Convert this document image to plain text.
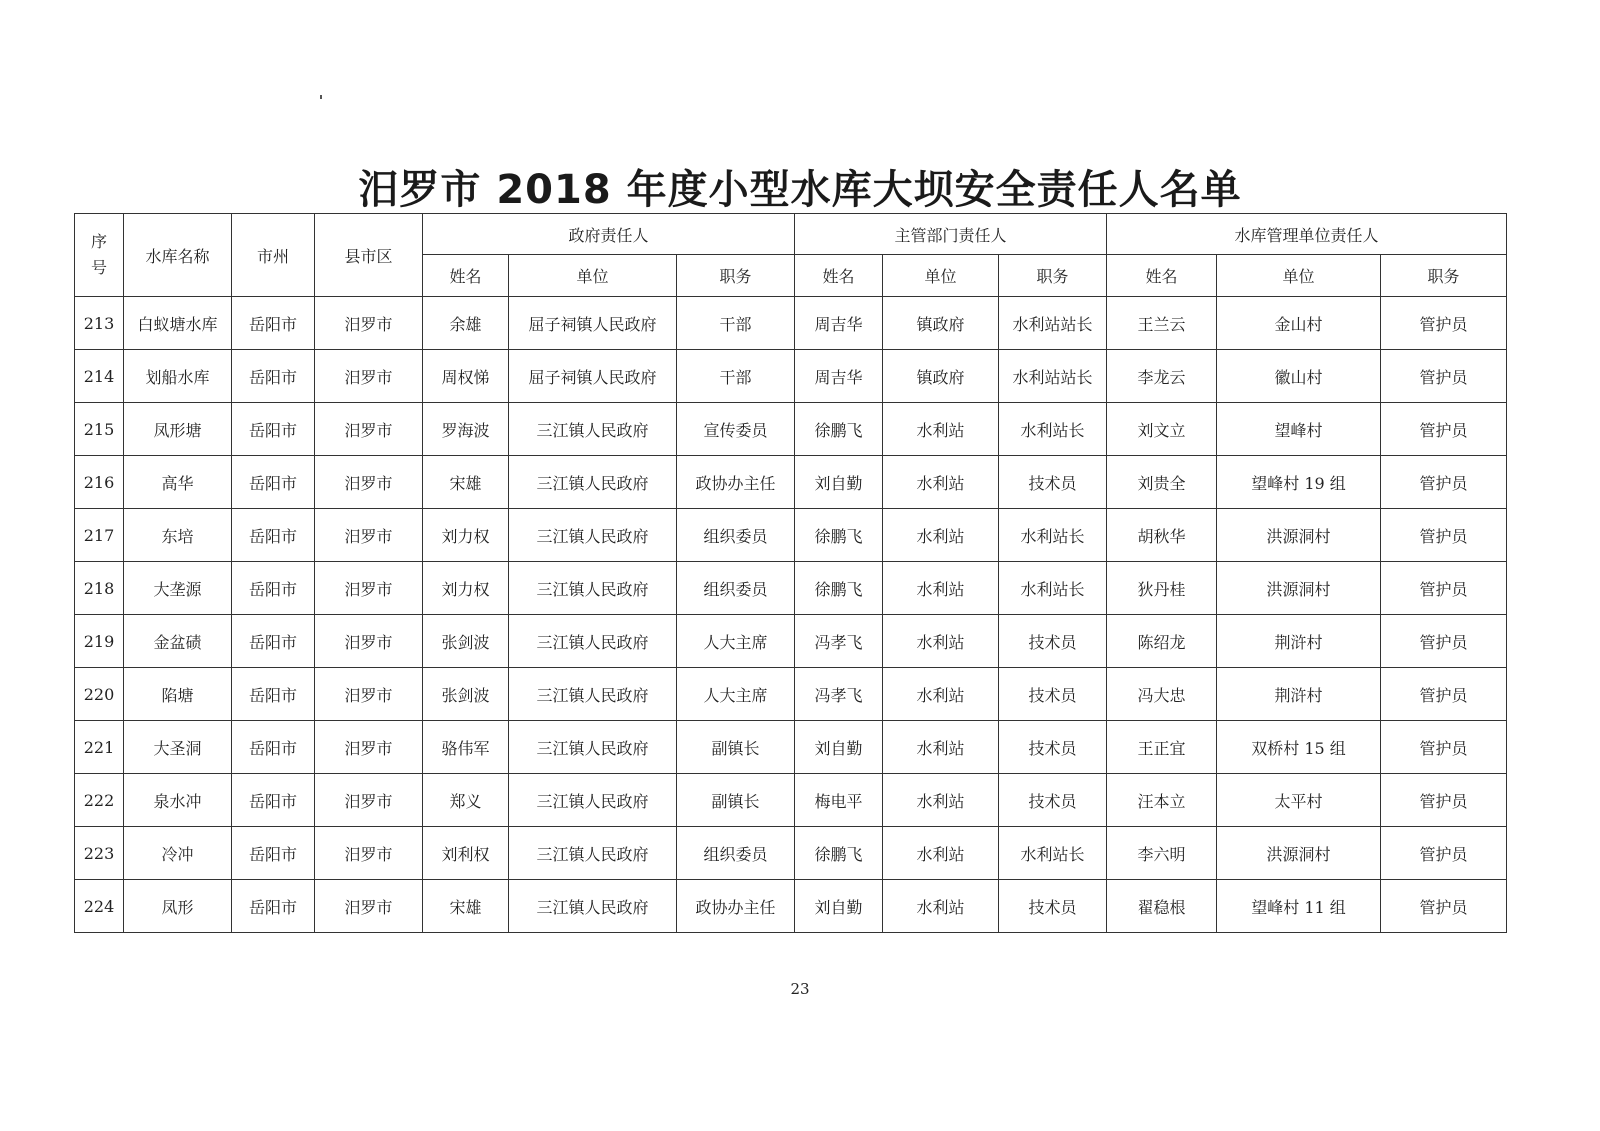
汨罗市 2018 年度小型水库大坝安全责任人名单
序
号	水库名称	市州	县市区	政府责任人			主管部门责任人			水库管理单位责任人		
				姓名	单位	职务	姓名	单位	职务	姓名	单位	职务
213	白蚁塘水库	岳阳市	汨罗市	余雄	屈子祠镇人民政府	干部	周吉华	镇政府	水利站站长	王兰云	金山村	管护员
214	划船水库	岳阳市	汨罗市	周权悌	屈子祠镇人民政府	干部	周吉华	镇政府	水利站站长	李龙云	徽山村	管护员
215	凤形塘	岳阳市	汨罗市	罗海波	三江镇人民政府	宣传委员	徐鹏飞	水利站	水利站长	刘文立	望峰村	管护员
216	高华	岳阳市	汨罗市	宋雄	三江镇人民政府	政协办主任	刘自勤	水利站	技术员	刘贵全	望峰村 19 组	管护员
217	东培	岳阳市	汨罗市	刘力权	三江镇人民政府	组织委员	徐鹏飞	水利站	水利站长	胡秋华	洪源洞村	管护员
218	大垄源	岳阳市	汨罗市	刘力权	三江镇人民政府	组织委员	徐鹏飞	水利站	水利站长	狄丹桂	洪源洞村	管护员
219	金盆碛	岳阳市	汨罗市	张剑波	三江镇人民政府	人大主席	冯孝飞	水利站	技术员	陈绍龙	荆浒村	管护员
220	陷塘	岳阳市	汨罗市	张剑波	三江镇人民政府	人大主席	冯孝飞	水利站	技术员	冯大忠	荆浒村	管护员
221	大圣洞	岳阳市	汨罗市	骆伟军	三江镇人民政府	副镇长	刘自勤	水利站	技术员	王正宜	双桥村 15 组	管护员
222	泉水冲	岳阳市	汨罗市	郑义	三江镇人民政府	副镇长	梅电平	水利站	技术员	汪本立	太平村	管护员
223	冷冲	岳阳市	汨罗市	刘利权	三江镇人民政府	组织委员	徐鹏飞	水利站	水利站长	李六明	洪源洞村	管护员
224	凤形	岳阳市	汨罗市	宋雄	三江镇人民政府	政协办主任	刘自勤	水利站	技术员	翟稳根	望峰村 11 组	管护员
23
